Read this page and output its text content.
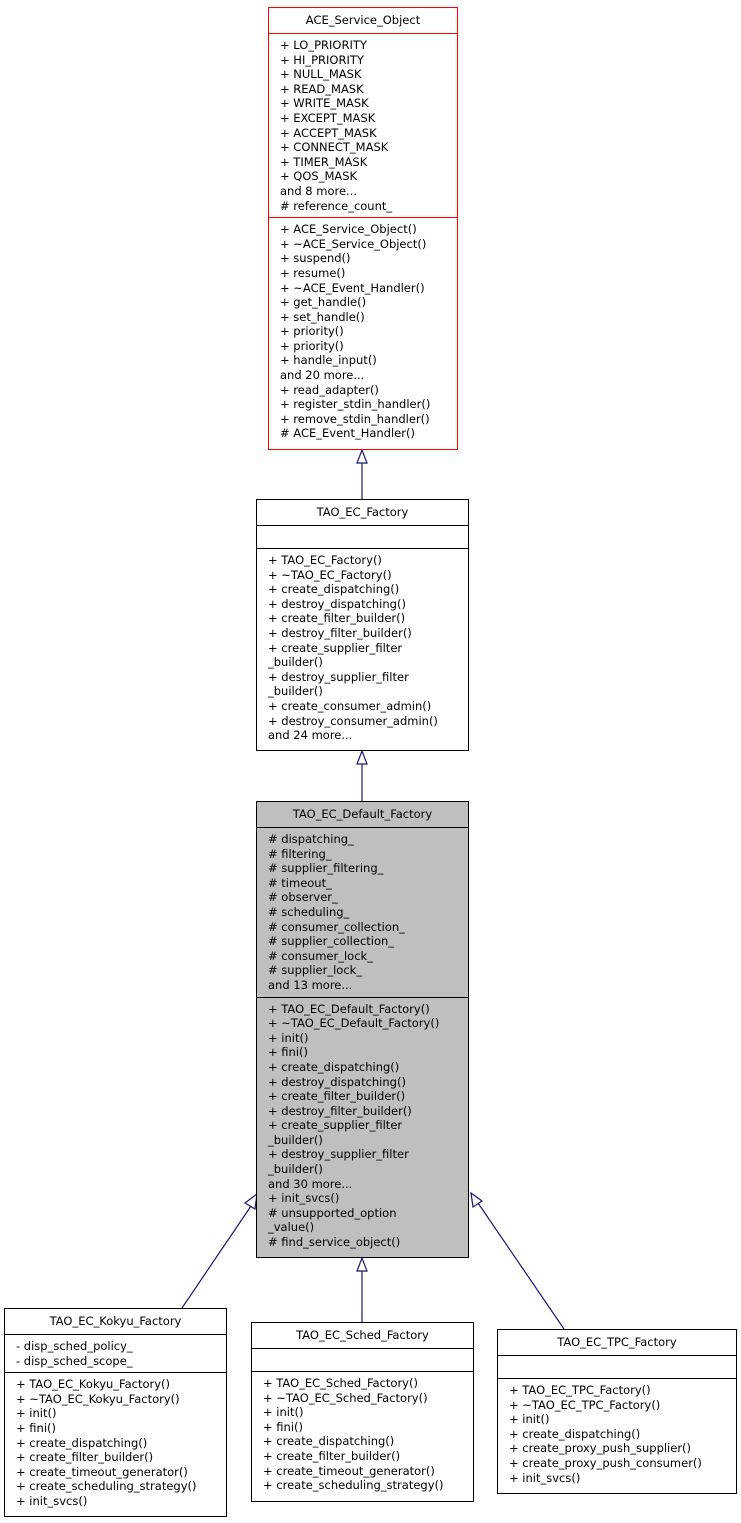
ACE_Service_Object
+ LO_PRIORITY
+ HI_PRIORITY
+ NULL_MASK
+ READ_MASK
+ WRITE_MASK
+ EXCEPT_MASK
+ ACCEPT_MASK
+ CONNECT_MASK
+ TIMER_MASK
+ QOS_MASK
and 8 more...
# reference_count_
+ ACE_Service_Object()
+ ~ACE_Service_Object()
+ suspend()
+ resume()
+ ~ACE_Event_Handler()
+ get_handle()
+ set_handle()
+ priority()
+ priority()
+ handle_input()
and 20 more...
+ read_adapter()
+ register_stdin_handler()
+ remove_stdin_handler()
# ACE_Event_Handler()
TAO_EC_Factory
+ TAO_EC_Factory()
+ ~TAO_EC_Factory()
+ create_dispatching()
+ destroy_dispatching()
+ create_filter_builder()
+ destroy_filter_builder()
+ create_supplier_filter
_builder()
+ destroy_supplier_filter
_builder()
+ create_consumer_admin()
+ destroy_consumer_admin()
and 24 more...
TAO_EC_Default_Factory
# dispatching_
# filtering_
# supplier_filtering_
# timeout_
# observer_
# scheduling_
# consumer_collection_
# supplier_collection_
# consumer_lock_
# supplier_lock_
and 13 more...
+ TAO_EC_Default_Factory()
+ ~TAO_EC_Default_Factory()
+ init()
+ fini()
+ create_dispatching()
+ destroy_dispatching()
+ create_filter_builder()
+ destroy_filter_builder()
+ create_supplier_filter
_builder()
+ destroy_supplier_filter
_builder()
and 30 more...
+ init_svcs()
# unsupported_option
_value()
# find_service_object()
TAO_EC_Kokyu_Factory
- disp_sched_policy_
- disp_sched_scope_
+ TAO_EC_Kokyu_Factory()
+ ~TAO_EC_Kokyu_Factory()
+ init()
+ fini()
+ create_dispatching()
+ create_filter_builder()
+ create_timeout_generator()
+ create_scheduling_strategy()
+ init_svcs()
TAO_EC_Sched_Factory
+ TAO_EC_Sched_Factory()
+ ~TAO_EC_Sched_Factory()
+ init()
+ fini()
+ create_dispatching()
+ create_filter_builder()
+ create_timeout_generator()
+ create_scheduling_strategy()
TAO_EC_TPC_Factory
+ TAO_EC_TPC_Factory()
+ ~TAO_EC_TPC_Factory()
+ init()
+ create_dispatching()
+ create_proxy_push_supplier()
+ create_proxy_push_consumer()
+ init_svcs()
